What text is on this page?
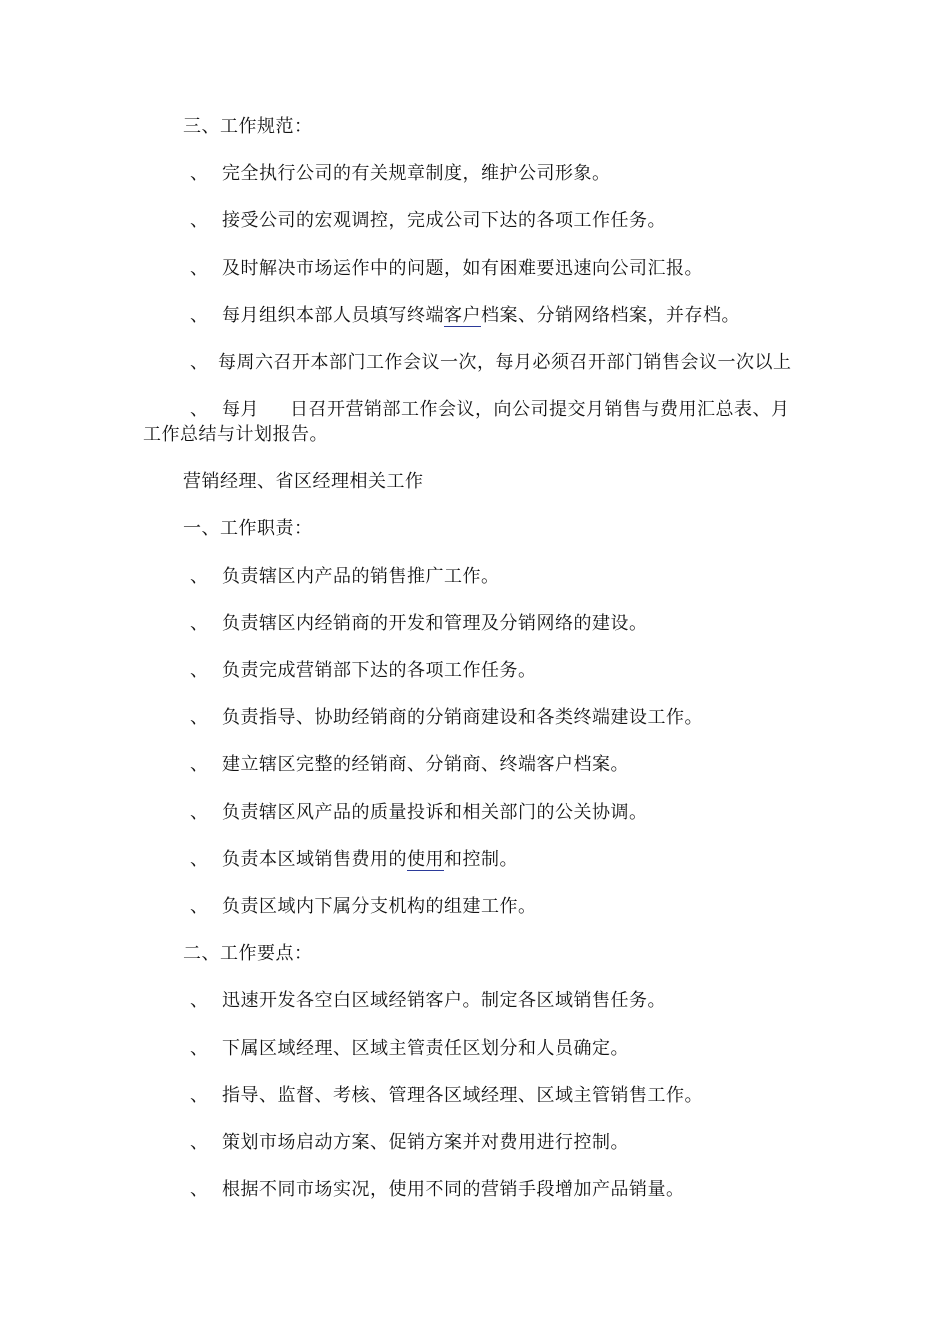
三、工作规范：
、 完全执行公司的有关规章制度，维护公司形象。
、 接受公司的宏观调控，完成公司下达的各项工作任务。
、 及时解决市场运作中的问题，如有困难要迅速向公司汇报。
、 每月组织本部人员填写终端客户档案、分销网络档案，并存档。
、 每周六召开本部门工作会议一次，每月必须召开部门销售会议一次以上
、 每月 日召开营销部工作会议，向公司提交月销售与费用汇总表、月
工作总结与计划报告。
营销经理、省区经理相关工作
一、工作职责：
、 负责辖区内产品的销售推广工作。
、 负责辖区内经销商的开发和管理及分销网络的建设。
、 负责完成营销部下达的各项工作任务。
、 负责指导、协助经销商的分销商建设和各类终端建设工作。
、 建立辖区完整的经销商、分销商、终端客户档案。
、 负责辖区风产品的质量投诉和相关部门的公关协调。
、 负责本区域销售费用的使用和控制。
、 负责区域内下属分支机构的组建工作。
二、工作要点：
、 迅速开发各空白区域经销客户。制定各区域销售任务。
、 下属区域经理、区域主管责任区划分和人员确定。
、 指导、监督、考核、管理各区域经理、区域主管销售工作。
、 策划市场启动方案、促销方案并对费用进行控制。
、 根据不同市场实况，使用不同的营销手段增加产品销量。
